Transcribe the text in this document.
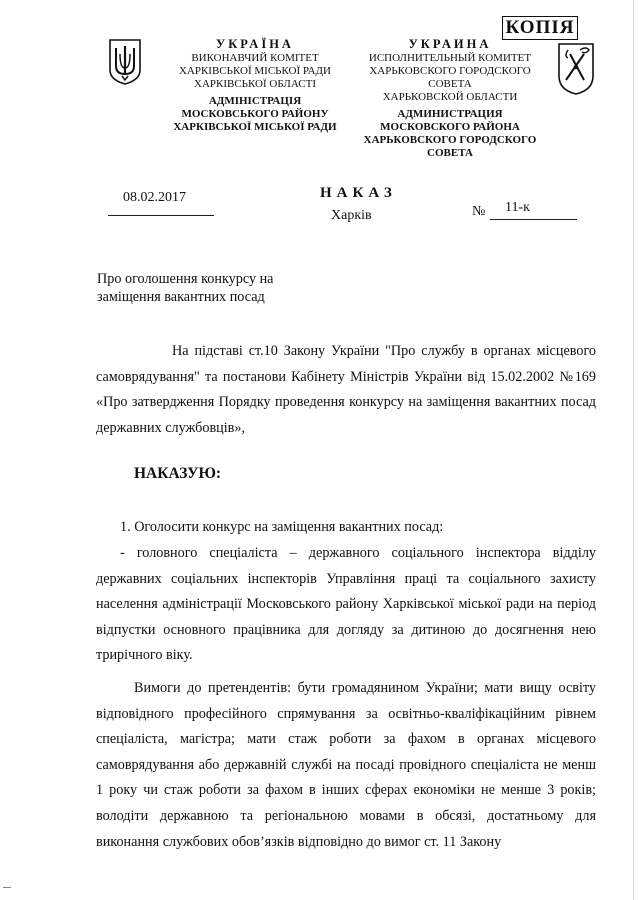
УКРАЇНА
ВИКОНАВЧИЙ КОМІТЕТ
ХАРКІВСЬКОЇ МІСЬКОЇ РАДИ
ХАРКІВСЬКОЇ ОБЛАСТІ
АДМІНІСТРАЦІЯ
МОСКОВСЬКОГО РАЙОНУ
ХАРКІВСЬКОЇ МІСЬКОЇ РАДИ
УКРАИНА
ИСПОЛНИТЕЛЬНЫЙ КОМИТЕТ
ХАРЬКОВСКОГО ГОРОДСКОГО СОВЕТА
ХАРЬКОВСКОЙ ОБЛАСТИ
АДМИНИСТРАЦИЯ
МОСКОВСКОГО РАЙОНА
ХАРЬКОВСКОГО ГОРОДСКОГО СОВЕТА
КОПІЯ
08.02.2017	НАКАЗ
Харків	№ 11-к
Про оголошення конкурсу на
заміщення вакантних посад
На підставі ст.10 Закону України "Про службу в органах місцевого самоврядування" та постанови Кабінету Міністрів України від 15.02.2002 №169 «Про затвердження Порядку проведення конкурсу на заміщення вакантних посад державних службовців»,
НАКАЗУЮ:
1. Оголосити конкурс на заміщення вакантних посад:
- головного спеціаліста – державного соціального інспектора відділу державних соціальних інспекторів Управління праці та соціального захисту населення адміністрації Московського району Харківської міської ради на період відпустки основного працівника для догляду за дитиною до досягнення нею трирічного віку.
Вимоги до претендентів: бути громадянином України; мати вищу освіту відповідного професійного спрямування за освітньо-кваліфікаційним рівнем спеціаліста, магістра; мати стаж роботи за фахом в органах місцевого самоврядування або державній службі на посаді провідного спеціаліста не менш 1 року чи стаж роботи за фахом в інших сферах економіки не менше 3 років; володіти державною та регіональною мовами в обсязі, достатньому для виконання службових обов’язків відповідно до вимог ст. 11 Закону
